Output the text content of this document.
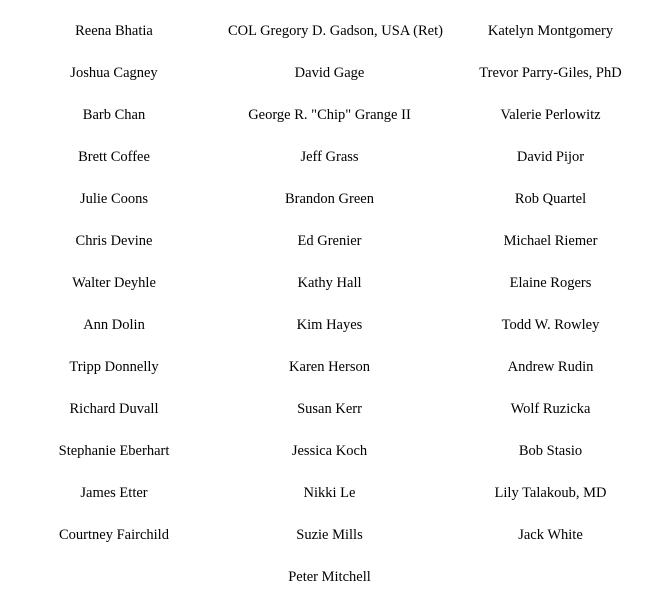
Reena Bhatia	COL Gregory D. Gadson, USA (Ret)	Katelyn Montgomery
Joshua Cagney	David Gage	Trevor Parry-Giles, PhD
Barb Chan	George R. "Chip" Grange II	Valerie Perlowitz
Brett Coffee	Jeff Grass	David Pijor
Julie Coons	Brandon Green	Rob Quartel
Chris Devine	Ed Grenier	Michael Riemer
Walter Deyhle	Kathy Hall	Elaine Rogers
Ann Dolin	Kim Hayes	Todd W. Rowley
Tripp Donnelly	Karen Herson	Andrew Rudin
Richard Duvall	Susan Kerr	Wolf Ruzicka
Stephanie Eberhart	Jessica Koch	Bob Stasio
James Etter	Nikki Le	Lily Talakoub, MD
Courtney Fairchild	Suzie Mills	Jack White
	Peter Mitchell	
